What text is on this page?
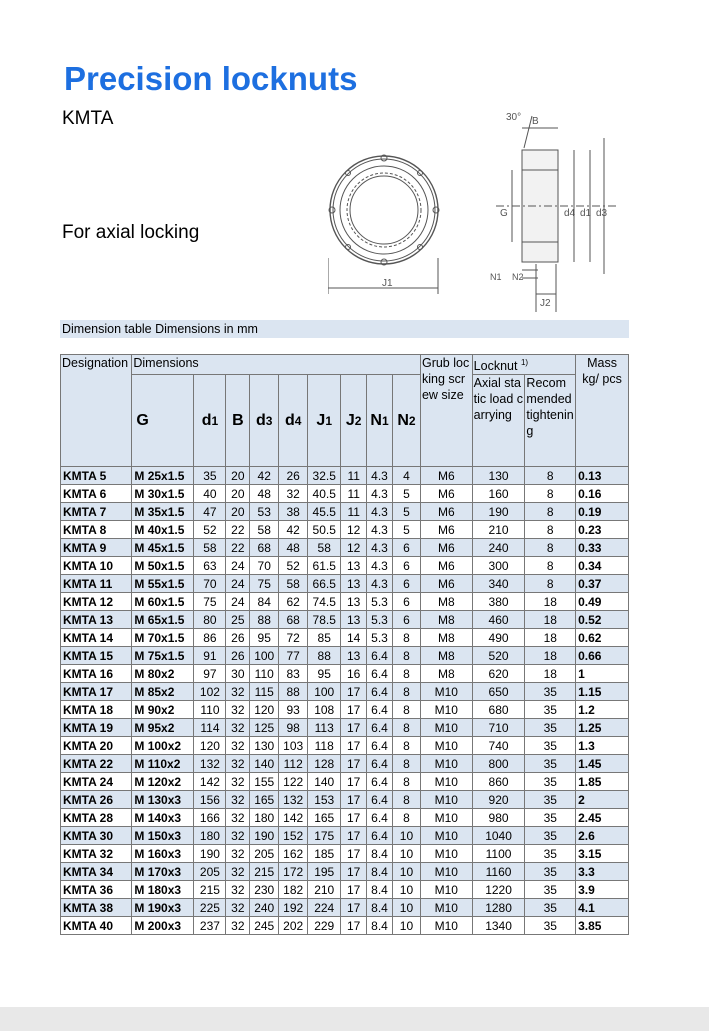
Precision locknuts
KMTA
For axial locking
J1
30° B
G	d4 d1 d3
N1 N2
J2
Dimension table Dimensions in mm
Designation	Dimensions									Grub locking screw size	Locknut $^{1)}$		Mass kg/ pcs
	G	d1	B	d3	d4	J1	J2	N1	N2		Axial static load carrying	Recommended tightening	

KMTA 5	M 25x1.5	35	20	42	26	32.5	11	4.3	4	M6	130	8	0.13
KMTA 6	M 30x1.5	40	20	48	32	40.5	11	4.3	5	M6	160	8	0.16
KMTA 7	M 35x1.5	47	20	53	38	45.5	11	4.3	5	M6	190	8	0.19
KMTA 8	M 40x1.5	52	22	58	42	50.5	12	4.3	5	M6	210	8	0.23
KMTA 9	M 45x1.5	58	22	68	48	58	12	4.3	6	M6	240	8	0.33
KMTA 10	M 50x1.5	63	24	70	52	61.5	13	4.3	6	M6	300	8	0.34
KMTA 11	M 55x1.5	70	24	75	58	66.5	13	4.3	6	M6	340	8	0.37
KMTA 12	M 60x1.5	75	24	84	62	74.5	13	5.3	6	M8	380	18	0.49
KMTA 13	M 65x1.5	80	25	88	68	78.5	13	5.3	6	M8	460	18	0.52
KMTA 14	M 70x1.5	86	26	95	72	85	14	5.3	8	M8	490	18	0.62
KMTA 15	M 75x1.5	91	26	100	77	88	13	6.4	8	M8	520	18	0.66
KMTA 16	M 80x2	97	30	110	83	95	16	6.4	8	M8	620	18	1
KMTA 17	M 85x2	102	32	115	88	100	17	6.4	8	M10	650	35	1.15
KMTA 18	M 90x2	110	32	120	93	108	17	6.4	8	M10	680	35	1.2
KMTA 19	M 95x2	114	32	125	98	113	17	6.4	8	M10	710	35	1.25
KMTA 20	M 100x2	120	32	130	103	118	17	6.4	8	M10	740	35	1.3
KMTA 22	M 110x2	132	32	140	112	128	17	6.4	8	M10	800	35	1.45
KMTA 24	M 120x2	142	32	155	122	140	17	6.4	8	M10	860	35	1.85
KMTA 26	M 130x3	156	32	165	132	153	17	6.4	8	M10	920	35	2
KMTA 28	M 140x3	166	32	180	142	165	17	6.4	8	M10	980	35	2.45
KMTA 30	M 150x3	180	32	190	152	175	17	6.4	10	M10	1040	35	2.6
KMTA 32	M 160x3	190	32	205	162	185	17	8.4	10	M10	1100	35	3.15
KMTA 34	M 170x3	205	32	215	172	195	17	8.4	10	M10	1160	35	3.3
KMTA 36	M 180x3	215	32	230	182	210	17	8.4	10	M10	1220	35	3.9
KMTA 38	M 190x3	225	32	240	192	224	17	8.4	10	M10	1280	35	4.1
KMTA 40	M 200x3	237	32	245	202	229	17	8.4	10	M10	1340	35	3.85
